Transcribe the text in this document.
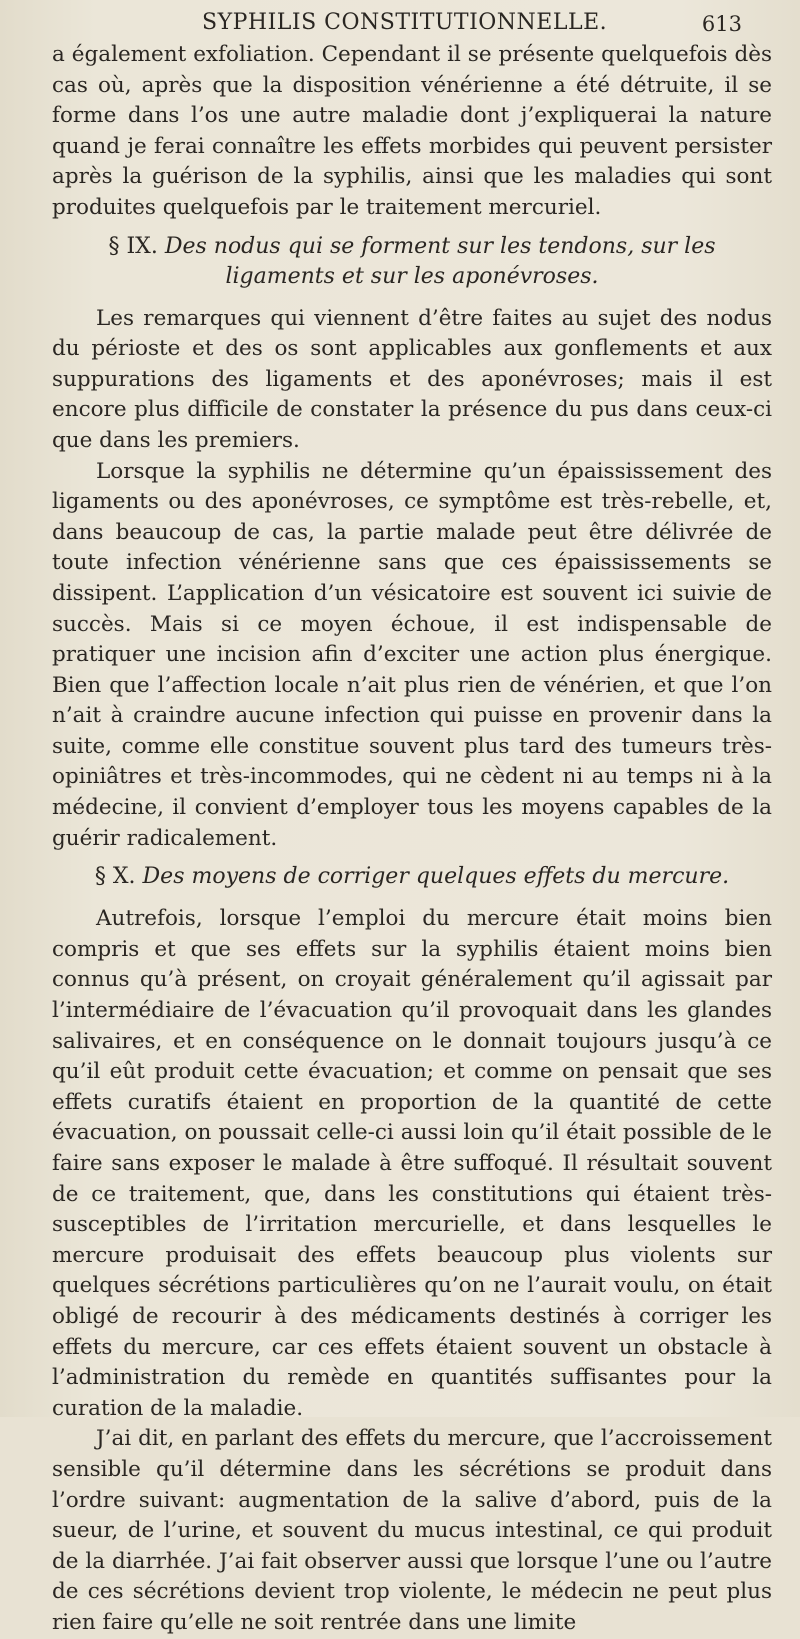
SYPHILIS CONSTITUTIONNELLE.	613

a également exfoliation. Cependant il se présente quelquefois dès cas où, après que la disposition vénérienne a été détruite, il se forme dans l’os une autre maladie dont j’expliquerai la nature quand je ferai connaître les effets morbides qui peuvent persister après la guérison de la syphilis, ainsi que les maladies qui sont produites quelquefois par le traitement mercuriel.

§ IX. Des nodus qui se forment sur les tendons, sur les ligaments et sur les aponévroses.

Les remarques qui viennent d’être faites au sujet des nodus du périoste et des os sont applicables aux gonflements et aux suppurations des ligaments et des aponévroses; mais il est encore plus difficile de constater la présence du pus dans ceux-ci que dans les premiers.

Lorsque la syphilis ne détermine qu’un épaississement des ligaments ou des aponévroses, ce symptôme est très-rebelle, et, dans beaucoup de cas, la partie malade peut être délivrée de toute infection vénérienne sans que ces épaississements se dissipent. L’application d’un vésicatoire est souvent ici suivie de succès. Mais si ce moyen échoue, il est indispensable de pratiquer une incision afin d’exciter une action plus énergique. Bien que l’affection locale n’ait plus rien de vénérien, et que l’on n’ait à craindre aucune infection qui puisse en provenir dans la suite, comme elle constitue souvent plus tard des tumeurs très-opiniâtres et très-incommodes, qui ne cèdent ni au temps ni à la médecine, il convient d’employer tous les moyens capables de la guérir radicalement.

§ X. Des moyens de corriger quelques effets du mercure.

Autrefois, lorsque l’emploi du mercure était moins bien compris et que ses effets sur la syphilis étaient moins bien connus qu’à présent, on croyait généralement qu’il agissait par l’intermédiaire de l’évacuation qu’il provoquait dans les glandes salivaires, et en conséquence on le donnait toujours jusqu’à ce qu’il eût produit cette évacuation; et comme on pensait que ses effets curatifs étaient en proportion de la quantité de cette évacuation, on poussait celle-ci aussi loin qu’il était possible de le faire sans exposer le malade à être suffoqué. Il résultait souvent de ce traitement, que, dans les constitutions qui étaient très-susceptibles de l’irritation mercurielle, et dans lesquelles le mercure produisait des effets beaucoup plus violents sur quelques sécrétions particulières qu’on ne l’aurait voulu, on était obligé de recourir à des médicaments destinés à corriger les effets du mercure, car ces effets étaient souvent un obstacle à l’administration du remède en quantités suffisantes pour la curation de la maladie.

J’ai dit, en parlant des effets du mercure, que l’accroissement sensible qu’il détermine dans les sécrétions se produit dans l’ordre suivant: augmentation de la salive d’abord, puis de la sueur, de l’urine, et souvent du mucus intestinal, ce qui produit de la diarrhée. J’ai fait observer aussi que lorsque l’une ou l’autre de ces sécrétions devient trop violente, le médecin ne peut plus rien faire qu’elle ne soit rentrée dans une limite
